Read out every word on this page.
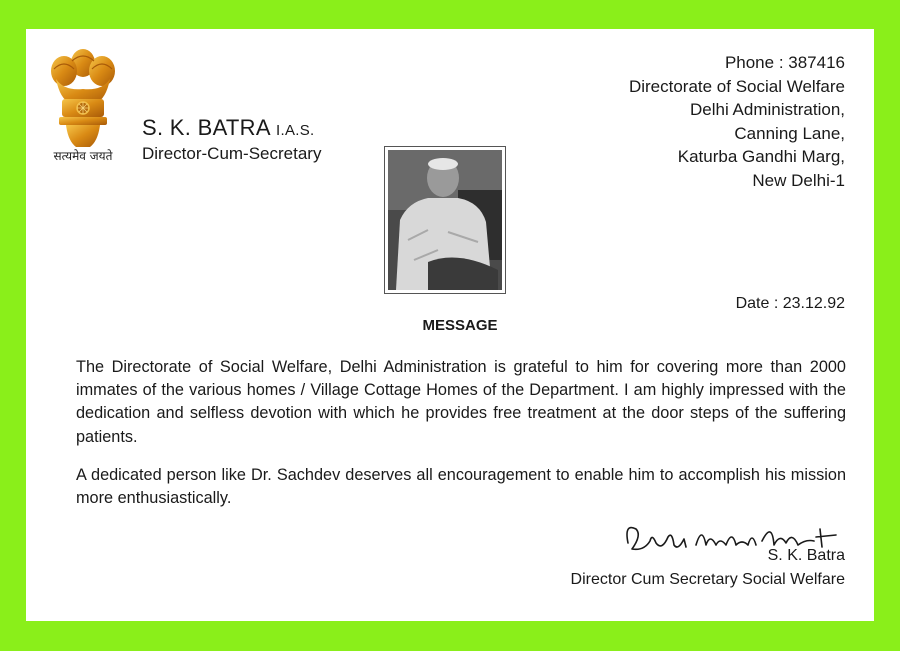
सत्यमेव जयते
S. K. BATRA I.A.S.
Director-Cum-Secretary
Phone : 387416
Directorate of Social Welfare
Delhi Administration,
Canning Lane,
Katurba Gandhi Marg,
New Delhi-1
Date : 23.12.92
MESSAGE

The Directorate of Social Welfare, Delhi Administration is grateful to him for covering more than 2000 immates of the various homes / Village Cottage Homes of the Department. I am highly impressed with the dedication and selfless devotion with which he provides free treatment at the door steps of the suffering patients.

A dedicated person like Dr. Sachdev deserves all encouragement to enable him to accomplish his mission more enthusiastically.

S. K. Batra
Director Cum Secretary Social Welfare
